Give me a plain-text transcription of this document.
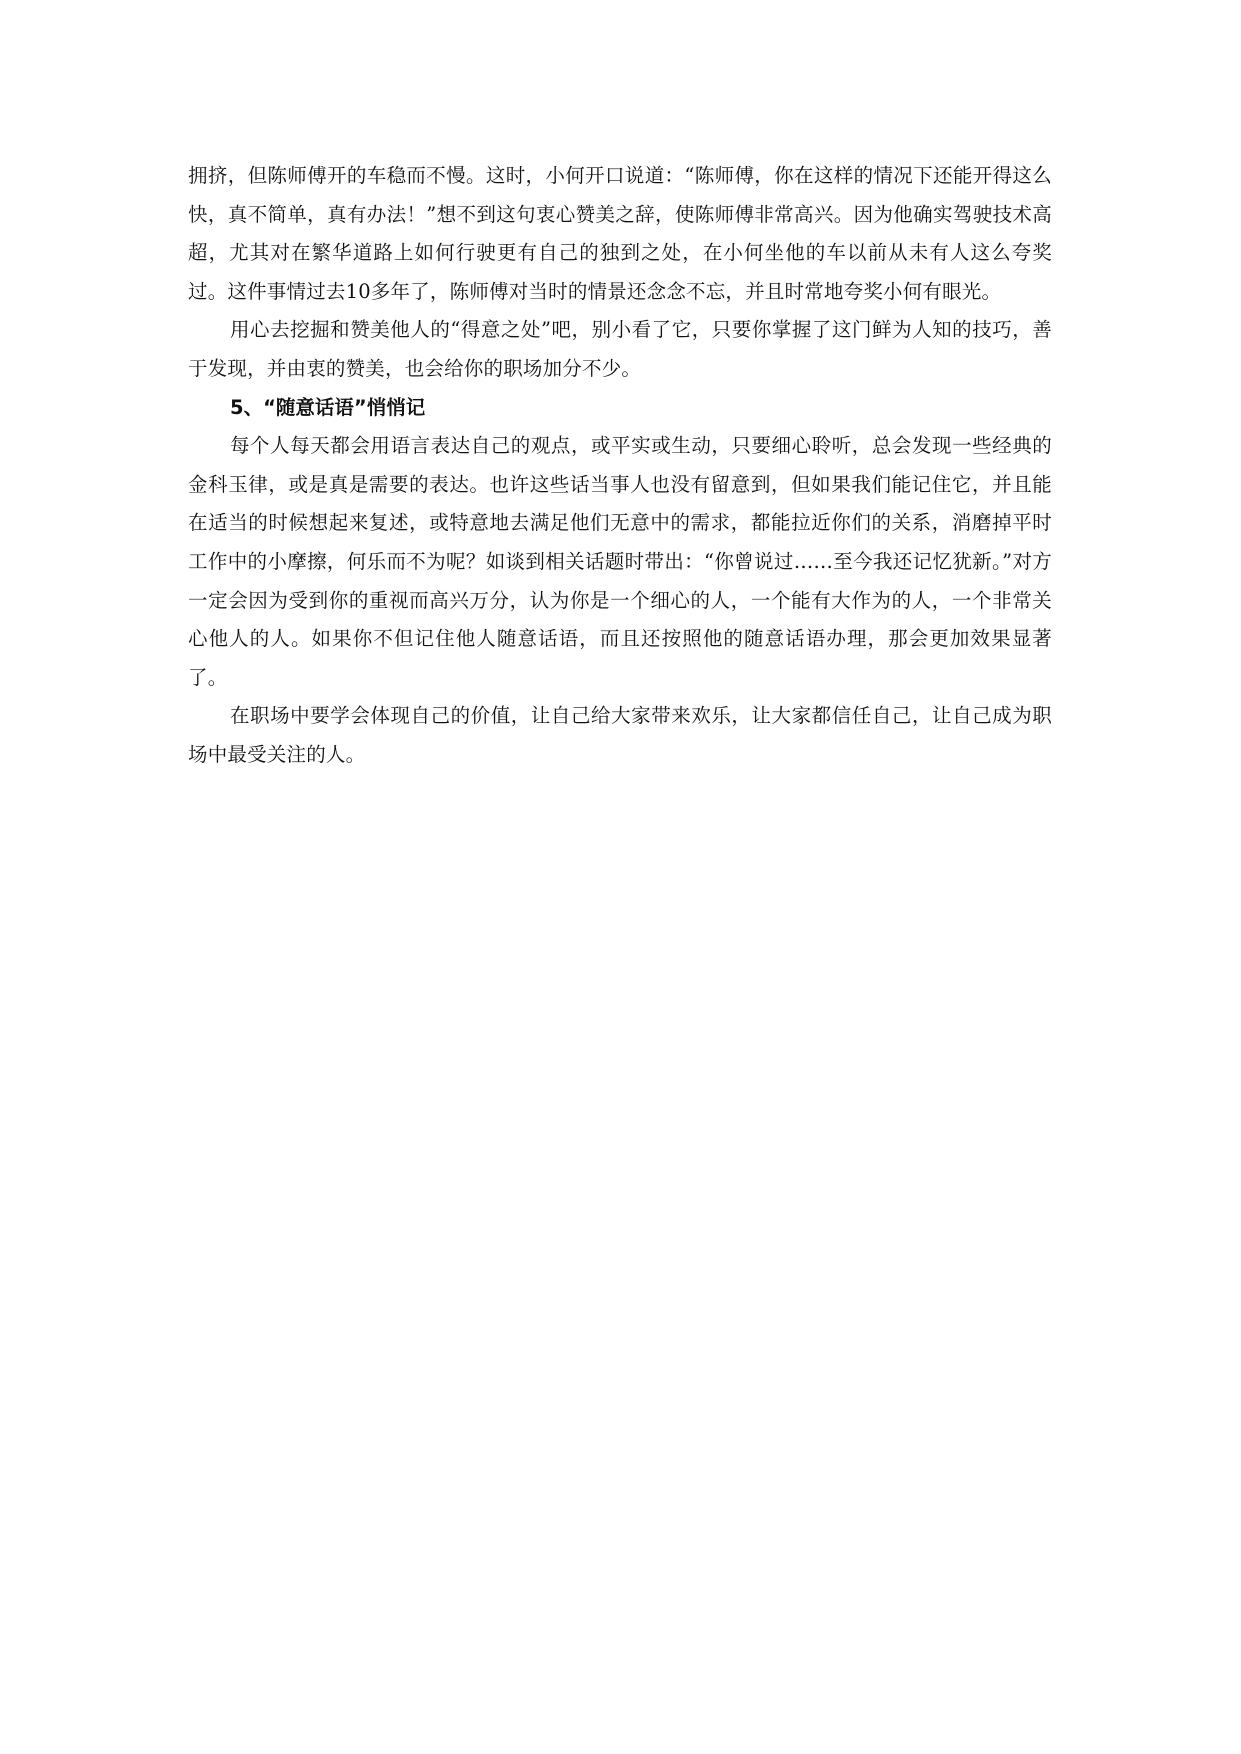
拥挤，但陈师傅开的车稳而不慢。这时，小何开口说道：“陈师傅，你在这样的情况下还能开得这么快，真不简单，真有办法！”想不到这句衷心赞美之辞，使陈师傅非常高兴。因为他确实驾驶技术高超，尤其对在繁华道路上如何行驶更有自己的独到之处，在小何坐他的车以前从未有人这么夸奖过。这件事情过去10多年了，陈师傅对当时的情景还念念不忘，并且时常地夸奖小何有眼光。

用心去挖掘和赞美他人的“得意之处”吧，别小看了它，只要你掌握了这门鲜为人知的技巧，善于发现，并由衷的赞美，也会给你的职场加分不少。

5、“随意话语”悄悄记

每个人每天都会用语言表达自己的观点，或平实或生动，只要细心聆听，总会发现一些经典的金科玉律，或是真是需要的表达。也许这些话当事人也没有留意到，但如果我们能记住它，并且能在适当的时候想起来复述，或特意地去满足他们无意中的需求，都能拉近你们的关系，消磨掉平时工作中的小摩擦，何乐而不为呢？如谈到相关话题时带出：“你曾说过……至今我还记忆犹新。”对方一定会因为受到你的重视而高兴万分，认为你是一个细心的人，一个能有大作为的人，一个非常关心他人的人。如果你不但记住他人随意话语，而且还按照他的随意话语办理，那会更加效果显著了。

在职场中要学会体现自己的价值，让自己给大家带来欢乐，让大家都信任自己，让自己成为职场中最受关注的人。
